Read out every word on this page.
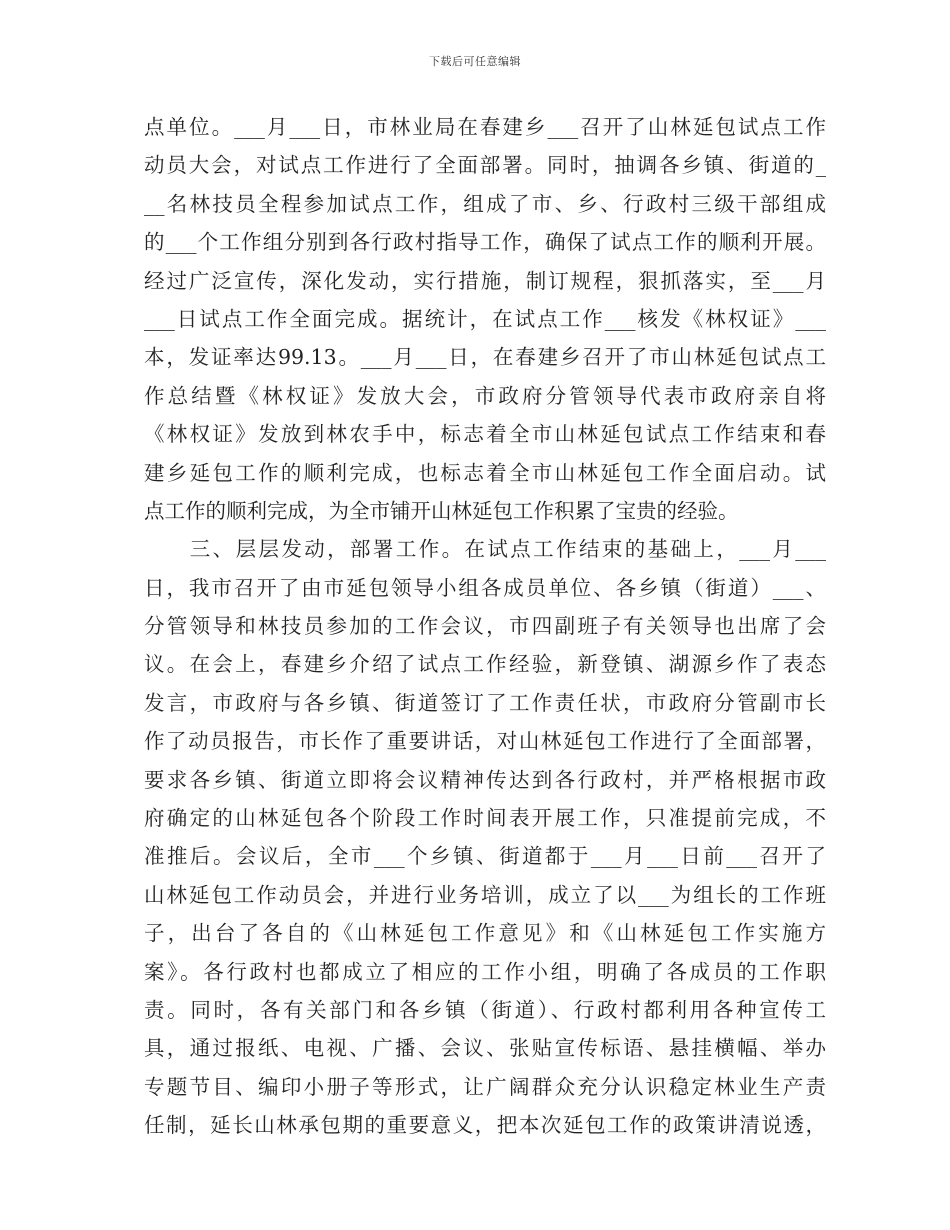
下载后可任意编辑
点单位。___月___日，市林业局在春建乡___召开了山林延包试点工作
动员大会，对试点工作进行了全面部署。同时，抽调各乡镇、街道的_
__名林技员全程参加试点工作，组成了市、乡、行政村三级干部组成
的___个工作组分别到各行政村指导工作，确保了试点工作的顺利开展。
经过广泛宣传，深化发动，实行措施，制订规程，狠抓落实，至___月
___日试点工作全面完成。据统计，在试点工作___核发《林权证》___
本，发证率达99.13。___月___日，在春建乡召开了市山林延包试点工
作总结暨《林权证》发放大会，市政府分管领导代表市政府亲自将
《林权证》发放到林农手中，标志着全市山林延包试点工作结束和春
建乡延包工作的顺利完成，也标志着全市山林延包工作全面启动。试
点工作的顺利完成，为全市铺开山林延包工作积累了宝贵的经验。
　　三、层层发动，部署工作。在试点工作结束的基础上，___月___
日，我市召开了由市延包领导小组各成员单位、各乡镇（街道）___、
分管领导和林技员参加的工作会议，市四副班子有关领导也出席了会
议。在会上，春建乡介绍了试点工作经验，新登镇、湖源乡作了表态
发言，市政府与各乡镇、街道签订了工作责任状，市政府分管副市长
作了动员报告，市长作了重要讲话，对山林延包工作进行了全面部署，
要求各乡镇、街道立即将会议精神传达到各行政村，并严格根据市政
府确定的山林延包各个阶段工作时间表开展工作，只准提前完成，不
准推后。会议后，全市___个乡镇、街道都于___月___日前___召开了
山林延包工作动员会，并进行业务培训，成立了以___为组长的工作班
子，出台了各自的《山林延包工作意见》和《山林延包工作实施方
案》。各行政村也都成立了相应的工作小组，明确了各成员的工作职
责。同时，各有关部门和各乡镇（街道）、行政村都利用各种宣传工
具，通过报纸、电视、广播、会议、张贴宣传标语、悬挂横幅、举办
专题节目、编印小册子等形式，让广阔群众充分认识稳定林业生产责
任制，延长山林承包期的重要意义，把本次延包工作的政策讲清说透，
